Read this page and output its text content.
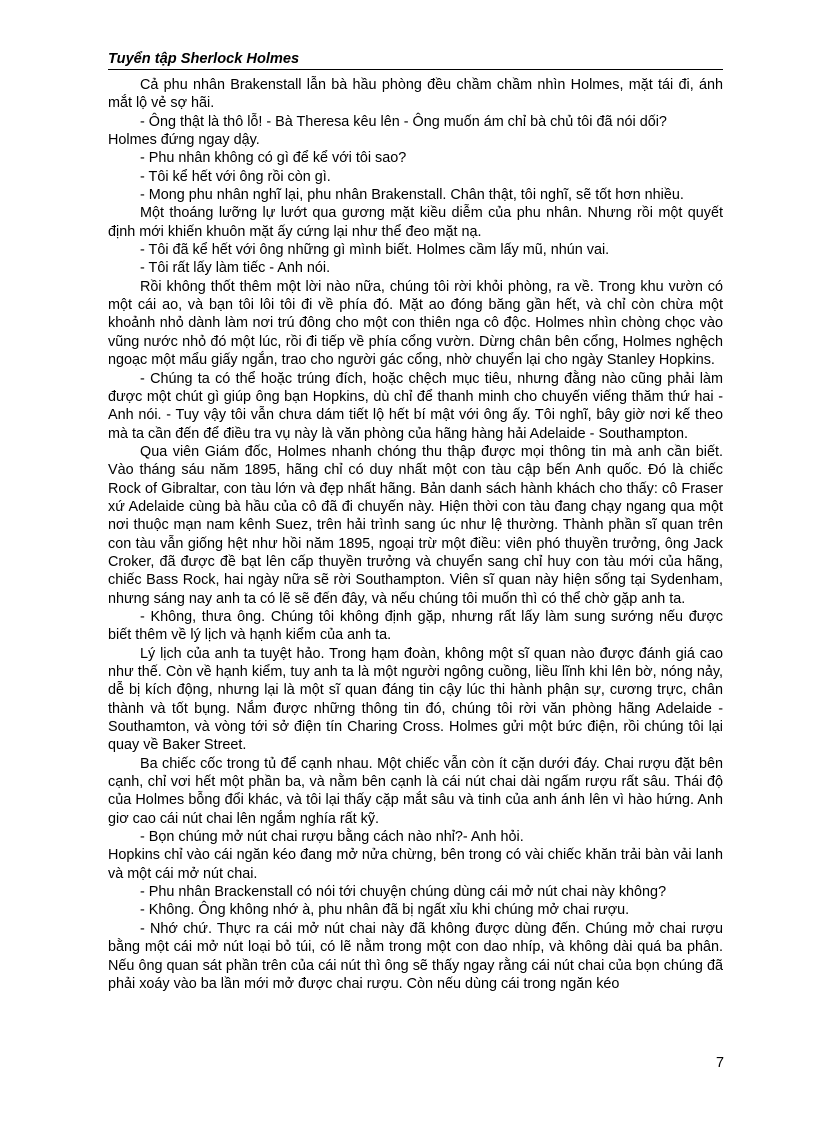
Tuyển tập Sherlock Holmes

Cả phu nhân Brakenstall lẫn bà hầu phòng đều chầm chầm nhìn Holmes, mặt tái đi, ánh mắt lộ vẻ sợ hãi.

- Ông thật là thô lỗ! - Bà Theresa kêu lên - Ông muốn ám chỉ bà chủ tôi đã nói dối?

Holmes đứng ngay dậy.

- Phu nhân không có gì để kể với tôi sao?

- Tôi kể hết với ông rồi còn gì.

- Mong phu nhân nghĩ lại, phu nhân Brakenstall. Chân thật, tôi nghĩ, sẽ tốt hơn nhiều.

Một thoáng lưỡng lự lướt qua gương mặt kiều diễm của phu nhân. Nhưng rồi một quyết định mới khiến khuôn mặt ấy cứng lại như thể đeo mặt nạ.

- Tôi đã kể hết với ông những gì mình biết. Holmes cầm lấy mũ, nhún vai.

- Tôi rất lấy làm tiếc - Anh nói.

Rồi không thốt thêm một lời nào nữa, chúng tôi rời khỏi phòng, ra về. Trong khu vườn có một cái ao, và bạn tôi lôi tôi đi về phía đó. Mặt ao đóng băng gần hết, và chỉ còn chừa một khoảnh nhỏ dành làm nơi trú đông cho một con thiên nga cô độc. Holmes nhìn chòng chọc vào vũng nước nhỏ đó một lúc, rồi đi tiếp về phía cổng vườn. Dừng chân bên cổng, Holmes nghệch ngoạc một mẩu giấy ngắn, trao cho người gác cổng, nhờ chuyển lại cho ngày Stanley Hopkins.

- Chúng ta có thể hoặc trúng đích, hoặc chệch mục tiêu, nhưng đằng nào cũng phải làm được một chút gì giúp ông bạn Hopkins, dù chỉ để thanh minh cho chuyến viếng thăm thứ hai - Anh nói. - Tuy vậy tôi vẫn chưa dám tiết lộ hết bí mật với ông ấy. Tôi nghĩ, bây giờ nơi kế theo mà ta cần đến để điều tra vụ này là văn phòng của hãng hàng hải Adelaide - Southampton.

Qua viên Giám đốc, Holmes nhanh chóng thu thập được mọi thông tin mà anh cần biết. Vào tháng sáu năm 1895, hãng chỉ có duy nhất một con tàu cập bến Anh quốc. Đó là chiếc Rock of Gibraltar, con tàu lớn và đẹp nhất hãng. Bản danh sách hành khách cho thấy: cô Fraser xứ Adelaide cùng bà hầu của cô đã đi chuyến này. Hiện thời con tàu đang chạy ngang qua một nơi thuộc mạn nam kênh Suez, trên hải trình sang úc như lệ thường. Thành phần sĩ quan trên con tàu vẫn giống hệt như hồi năm 1895, ngoại trừ một điều: viên phó thuyền trưởng, ông Jack Croker, đã được đề bạt lên cấp thuyền trưởng và chuyển sang chỉ huy con tàu mới của hãng, chiếc Bass Rock, hai ngày nữa sẽ rời Southampton. Viên sĩ quan này hiện sống tại Sydenham, nhưng sáng nay anh ta có lẽ sẽ đến đây, và nếu chúng tôi muốn thì có thể chờ gặp anh ta.

- Không, thưa ông. Chúng tôi không định gặp, nhưng rất lấy làm sung sướng nếu được biết thêm về lý lịch và hạnh kiểm của anh ta.

Lý lịch của anh ta tuyệt hảo. Trong hạm đoàn, không một sĩ quan nào được đánh giá cao như thế. Còn về hạnh kiểm, tuy anh ta là một người ngông cuồng, liều lĩnh khi lên bờ, nóng nảy, dễ bị kích động, nhưng lại là một sĩ quan đáng tin cậy lúc thi hành phận sự, cương trực, chân thành và tốt bụng. Nắm được những thông tin đó, chúng tôi rời văn phòng hãng Adelaide - Southamton, và vòng tới sở điện tín Charing Cross. Holmes gửi một bức điện, rồi chúng tôi lại quay về Baker Street.

Ba chiếc cốc trong tủ để cạnh nhau. Một chiếc vẫn còn ít cặn dưới đáy. Chai rượu đặt bên cạnh, chỉ vơi hết một phần ba, và nằm bên cạnh là cái nút chai dài ngấm rượu rất sâu. Thái độ của Holmes bỗng đổi khác, và tôi lại thấy cặp mắt sâu và tinh của anh ánh lên vì hào hứng. Anh giơ cao cái nút chai lên ngắm nghía rất kỹ.

- Bọn chúng mở nút chai rượu bằng cách nào nhỉ?- Anh hỏi.

Hopkins chỉ vào cái ngăn kéo đang mở nửa chừng, bên trong có vài chiếc khăn trải bàn vải lanh và một cái mở nút chai.

- Phu nhân Brackenstall có nói tới chuyện chúng dùng cái mở nút chai này không?

- Không. Ông không nhớ à, phu nhân đã bị ngất xỉu khi chúng mở chai rượu.

- Nhớ chứ. Thực ra cái mở nút chai này đã không được dùng đến. Chúng mở chai rượu bằng một cái mở nút loại bỏ túi, có lẽ nằm trong một con dao nhíp, và không dài quá ba phân. Nếu ông quan sát phần trên của cái nút thì ông sẽ thấy ngay rằng cái nút chai của bọn chúng đã phải xoáy vào ba lần mới mở được chai rượu. Còn nếu dùng cái trong ngăn kéo

7
